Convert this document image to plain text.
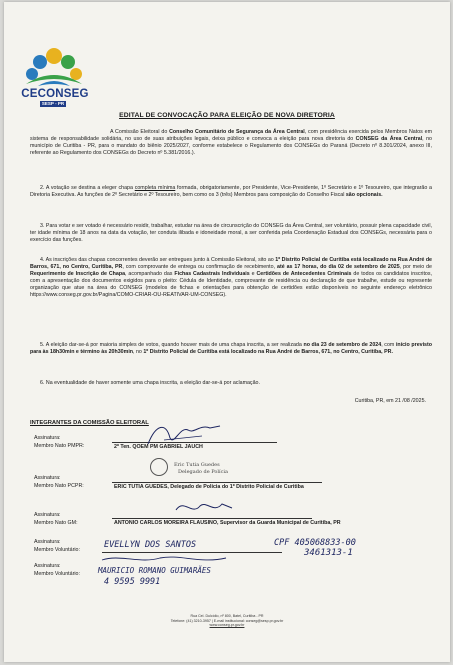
CECONSEG
SESP - PR
EDITAL DE CONVOCAÇÃO PARA ELEIÇÃO DE NOVA DIRETORIA

A Comissão Eleitoral do Conselho Comunitário de Segurança da Área Central, com presidência exercida pelos Membros Natos em sistema de responsabilidade solidária, no uso de suas atribuições legais, deixa público e convoca a eleição para nova diretoria do CONSEG da Área Central, no município de Curitiba - PR, para o mandato do biênio 2025/2027, conforme estabelece o Regulamento dos CONSEGs do Paraná (Decreto nº 8.301/2024, anexo III, referente ao Regulamento dos CONSEGs do Decreto nº 5.381/2016.).

2. A votação se destina a eleger chapa completa mínima formada, obrigatoriamente, por Presidente, Vice-Presidente, 1º Secretário e 1º Tesoureiro, que integrarão a Diretoria Executiva. As funções de 2º Secretário e 2º Tesoureiro, bem como os 3 (três) Membros para composição do Conselho Fiscal são opcionais.

3. Para votar e ser votado é necessário residir, trabalhar, estudar na área de circunscrição do CONSEG da Área Central, ser voluntário, possuir plena capacidade civil, ter idade mínima de 18 anos na data da votação, ter conduta ilibada e idoneidade moral, a ser conferida pela Coordenação Estadual dos CONSEGs, necessária para o exercício das funções.

4. As inscrições das chapas concorrentes deverão ser entregues junto à Comissão Eleitoral, sito ao 1º Distrito Policial de Curitiba está localizado na Rua André de Barros, 671, no Centro, Curitiba, PR, com comprovante de entrega ou confirmação de recebimento, até as 17 horas, do dia 02 de setembro de 2025, por meio de Requerimento de Inscrição de Chapa, acompanhado das Fichas Cadastrais Individuais e Certidões de Antecedentes Criminais de todos os candidatos inscritos, com a apresentação dos documentos exigidos para o pleito: Cédula de Identidade, comprovante de residência ou declaração de que trabalhe, estude ou represente organização que atue na área do CONSEG (modelos de fichas e orientações para obtenção de certidões estão disponíveis no seguinte endereço eletrônico https://www.conseg.pr.gov.br/Pagina/COMO-CRIAR-OU-REATIVAR-UM-CONSEG).

5. A eleição dar-se-á por maioria simples de votos, quando houver mais de uma chapa inscrita, a ser realizada no dia 23 de setembro de 2024, com início previsto para às 18h30min e término às 20h30min, no 1º Distrito Policial de Curitiba está localizado na Rua André de Barros, 671, no Centro, Curitiba, PR.

6. Na eventualidade de haver somente uma chapa inscrita, a eleição dar-se-á por aclamação.

Curitiba, PR, em 21 /08 /2025.
INTEGRANTES DA COMISSÃO ELEITORAL
Assinatura:
Membro Nato PMPR:	2º Ten. QOEM PM GABRIEL JAUCH
Eric Tutia Guedes
Delegado de Polícia
Assinatura:
Membro Nato PCPR:	ERIC TUTIA GUEDES, Delegado de Polícia do 1º Distrito Policial de Curitiba
Assinatura:
Membro Nato GM:	ANTONIO CARLOS MOREIRA FLAUSINO, Supervisor da Guarda Municipal de Curitiba, PR
Assinatura:
Membro Voluntário:	EVELLYN DOS SANTOS	CPF 405068833-00
3461313-1
Assinatura:
Membro Voluntário: MAURICIO ROMANO GUIMARÃES
4 9595 9991
Rua Cel. Dulcídio, nº 800, Batel, Curitiba - PR
Telefone: (41) 3210-3957 | E-mail institucional: conseg@sesp.pr.gov.br
www.conseg.pr.gov.br
